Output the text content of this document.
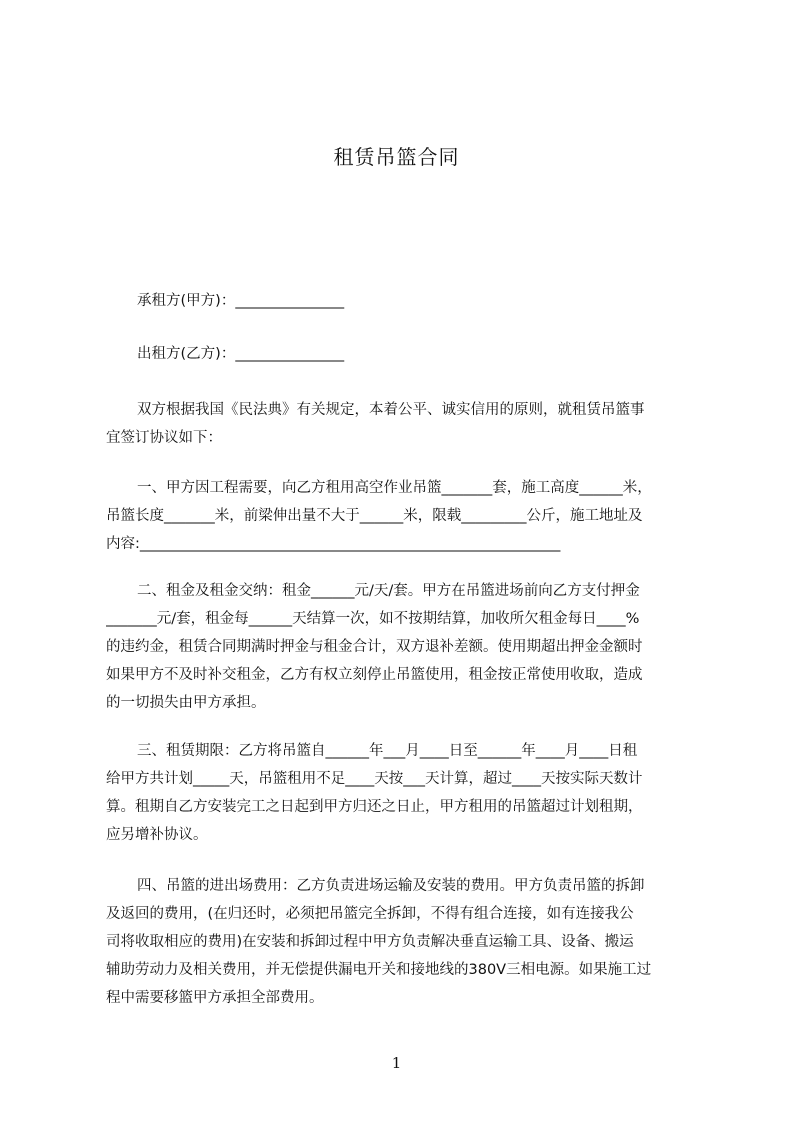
租赁吊篮合同
承租方(甲方)：_______________
出租方(乙方)：_______________
双方根据我国《民法典》有关规定，本着公平、诚实信用的原则，就租赁吊篮事
宜签订协议如下：
一、甲方因工程需要，向乙方租用高空作业吊篮_______套，施工高度______米，
吊篮长度_______米，前梁伸出量不大于______米，限载_________公斤，施工地址及
内容:__________________________________________________________
二、租金及租金交纳：租金______元/天/套。甲方在吊篮进场前向乙方支付押金
_______元/套，租金每______天结算一次，如不按期结算，加收所欠租金每日____%
的违约金，租赁合同期满时押金与租金合计，双方退补差额。使用期超出押金金额时
如果甲方不及时补交租金，乙方有权立刻停止吊篮使用，租金按正常使用收取，造成
的一切损失由甲方承担。
三、租赁期限：乙方将吊篮自______年___月____日至______年____月____日租
给甲方共计划_____天，吊篮租用不足____天按___天计算，超过____天按实际天数计
算。租期自乙方安装完工之日起到甲方归还之日止，甲方租用的吊篮超过计划租期，
应另增补协议。
四、吊篮的进出场费用：乙方负责进场运输及安装的费用。甲方负责吊篮的拆卸
及返回的费用，(在归还时，必须把吊篮完全拆卸，不得有组合连接，如有连接我公
司将收取相应的费用)在安装和拆卸过程中甲方负责解决垂直运输工具、设备、搬运
辅助劳动力及相关费用，并无偿提供漏电开关和接地线的380V三相电源。如果施工过
程中需要移篮甲方承担全部费用。
1
